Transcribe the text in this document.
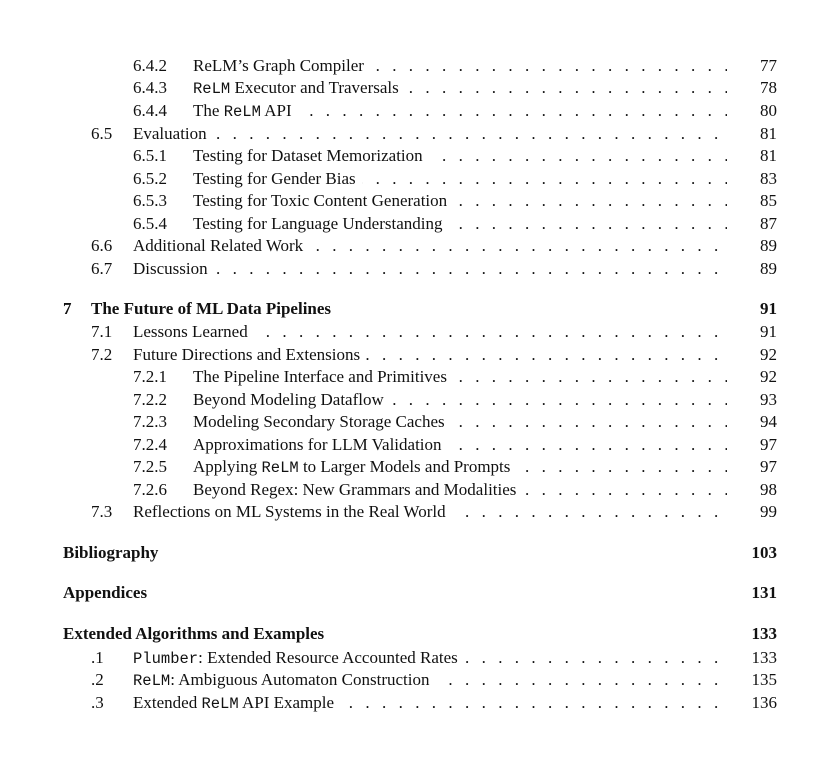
6.4.2 ReLM’s Graph Compiler . . .	77
6.4.3 ReLM Executor and Traversals . . .	78
6.4.4 The ReLM API . . .	80
6.5 Evaluation . . .	81
6.5.1 Testing for Dataset Memorization . . .	81
6.5.2 Testing for Gender Bias . . .	83
6.5.3 Testing for Toxic Content Generation . . .	85
6.5.4 Testing for Language Understanding . . .	87
6.6 Additional Related Work . . .	89
6.7 Discussion . . .	89
7 The Future of ML Data Pipelines	91
7.1 Lessons Learned . . .	91
7.2 Future Directions and Extensions . . .	92
7.2.1 The Pipeline Interface and Primitives . . .	92
7.2.2 Beyond Modeling Dataflow . . .	93
7.2.3 Modeling Secondary Storage Caches . . .	94
7.2.4 Approximations for LLM Validation . . .	97
7.2.5 Applying ReLM to Larger Models and Prompts . . .	97
7.2.6 Beyond Regex: New Grammars and Modalities . . .	98
7.3 Reflections on ML Systems in the Real World . . .	99
Bibliography	103
Appendices	131
Extended Algorithms and Examples	133
.1 Plumber: Extended Resource Accounted Rates . . .	133
.2 ReLM: Ambiguous Automaton Construction . . .	135
.3 Extended ReLM API Example . . .	136
